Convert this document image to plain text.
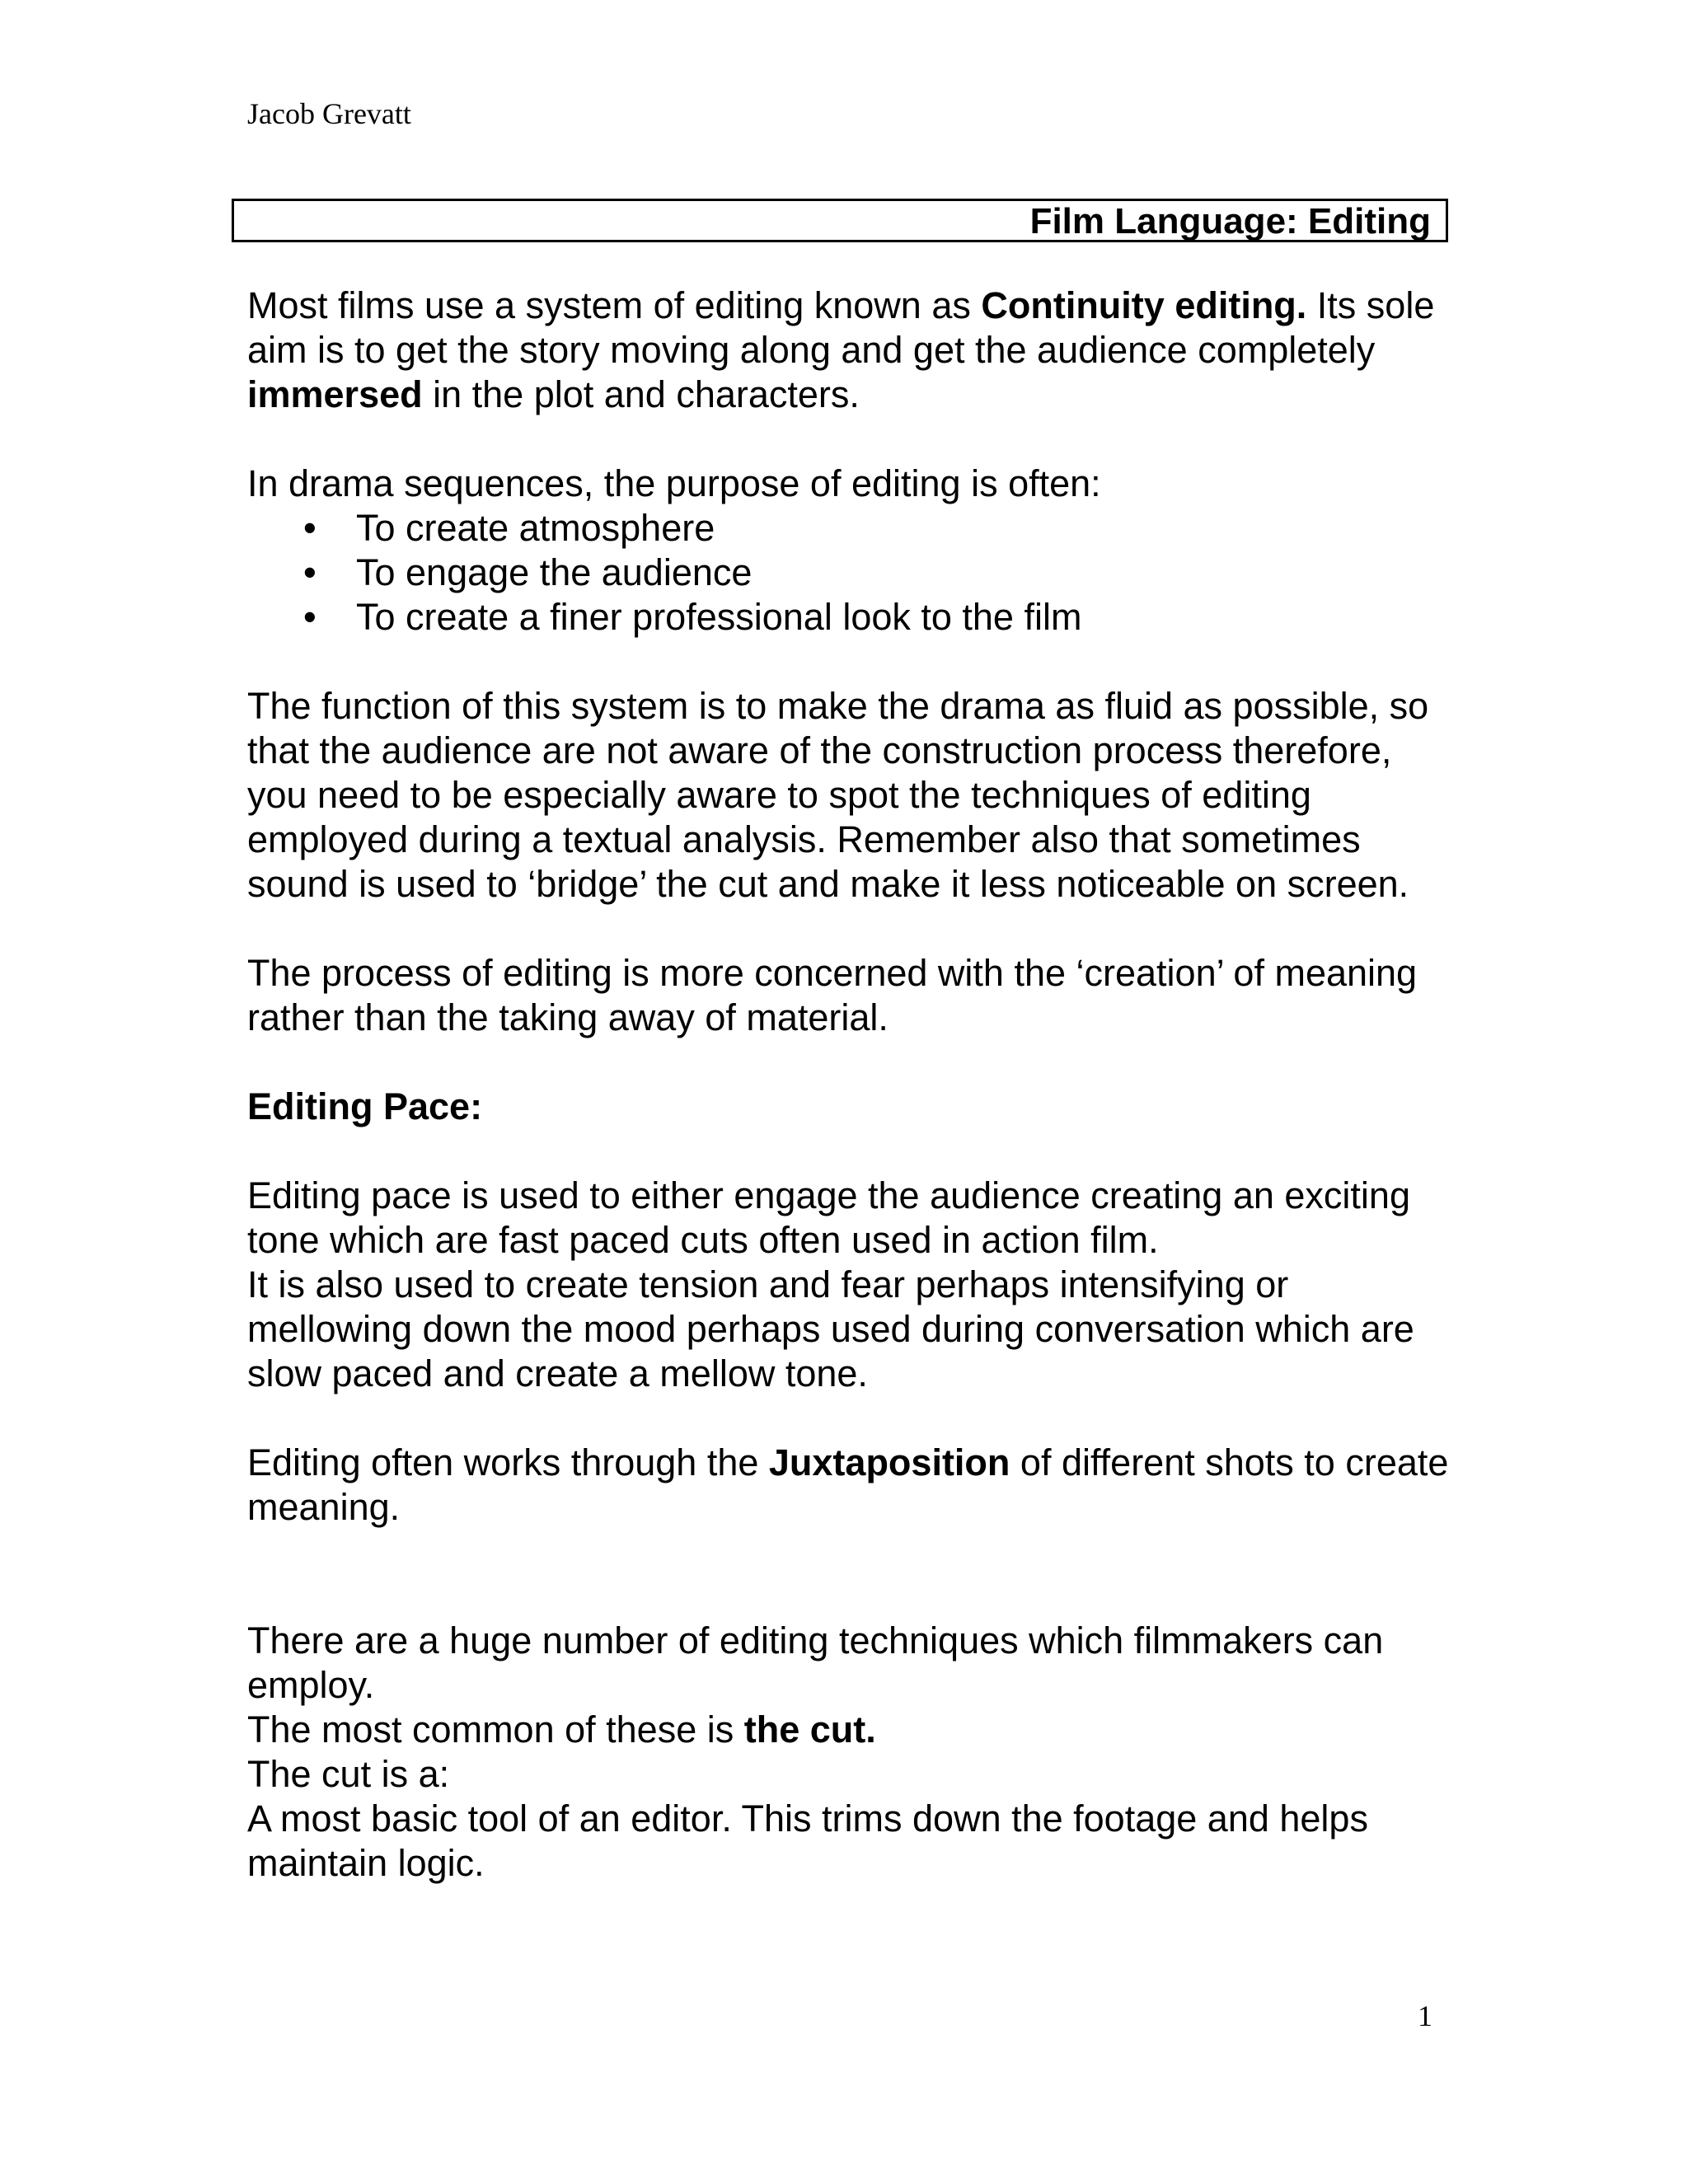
Jacob Grevatt
Film Language: Editing

Most films use a system of editing known as Continuity editing. Its sole aim is to get the story moving along and get the audience completely immersed in the plot and characters.

In drama sequences, the purpose of editing is often:

• To create atmosphere
• To engage the audience
• To create a finer professional look to the film

The function of this system is to make the drama as fluid as possible, so that the audience are not aware of the construction process therefore, you need to be especially aware to spot the techniques of editing employed during a textual analysis. Remember also that sometimes sound is used to ‘bridge’ the cut and make it less noticeable on screen.

The process of editing is more concerned with the ‘creation’ of meaning rather than the taking away of material.

Editing Pace:

Editing pace is used to either engage the audience creating an exciting tone which are fast paced cuts often used in action film.

It is also used to create tension and fear perhaps intensifying or mellowing down the mood perhaps used during conversation which are slow paced and create a mellow tone.

Editing often works through the Juxtaposition of different shots to create meaning.

There are a huge number of editing techniques which filmmakers can employ.

The most common of these is the cut.

The cut is a:

A most basic tool of an editor. This trims down the footage and helps maintain logic.

1
